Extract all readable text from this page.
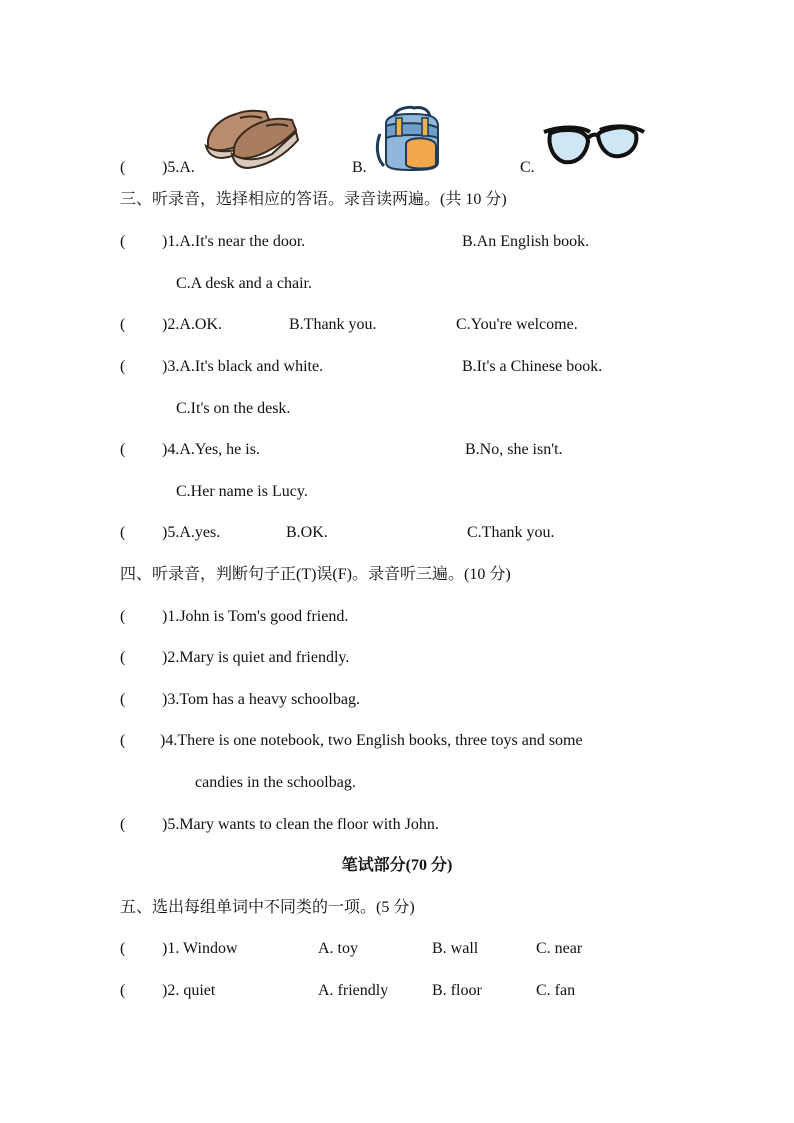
( )5.A.	B.	C.
三、听录音，选择相应的答语。录音读两遍。(共 10 分)
( )1.A.It's near the door.	B.An English book.
C.A desk and a chair.
( )2.A.OK.	B.Thank you.	C.You're welcome.
( )3.A.It's black and white.	B.It's a Chinese book.
C.It's on the desk.
( )4.A.Yes, he is.	B.No, she isn't.
C.Her name is Lucy.
( )5.A.yes.	B.OK.	C.Thank you.
四、听录音，判断句子正(T)误(F)。录音听三遍。(10 分)
( )1.John is Tom's good friend.
( )2.Mary is quiet and friendly.
( )3.Tom has a heavy schoolbag.
( )4.There is one notebook, two English books, three toys and some
candies in the schoolbag.
( )5.Mary wants to clean the floor with John.
笔试部分(70 分)
五、选出每组单词中不同类的一项。(5 分)
( )1. Window	A. toy	B. wall	C. near
( )2. quiet	A. friendly	B. floor	C. fan
